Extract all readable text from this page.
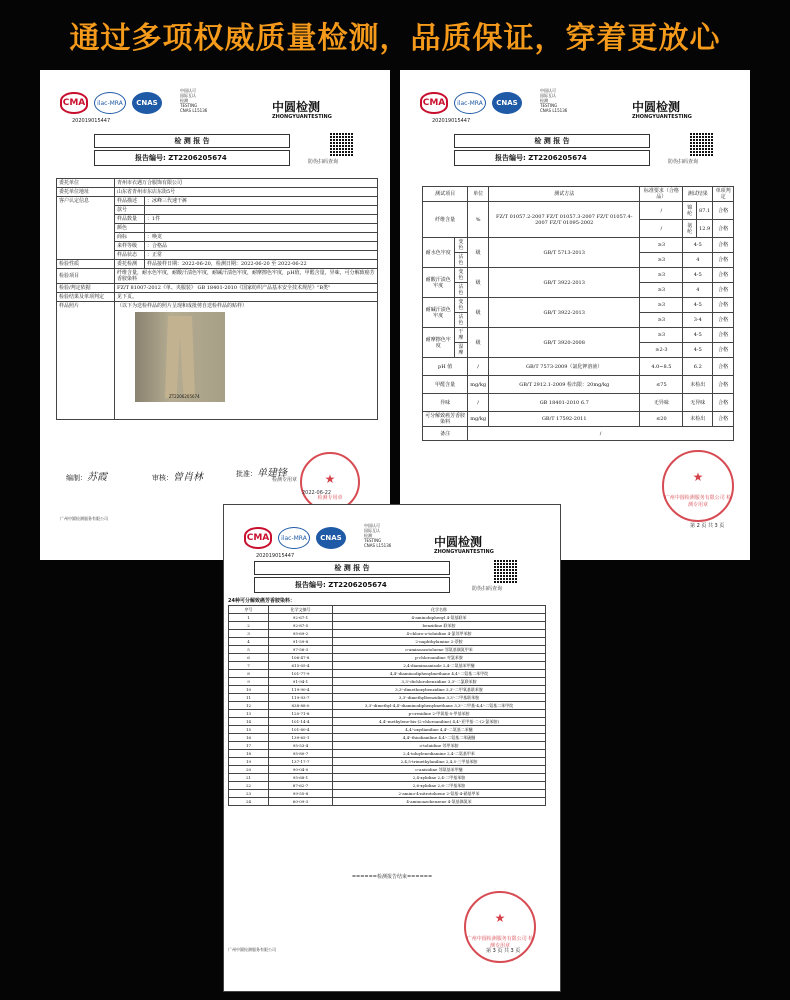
通过多项权威质量检测，品质保证，穿着更放心
CMA	ilac-MRA	CNAS
中国认可
国际互认
检测
TESTING
CNAS L15136
202019015447
中圆检测
ZHONGYUANTESTING
检 测 报 告
报告编号: ZT2206205674	防伪扫码查询
委托单位	青州市衣遇万合服饰有限公司	
委托单位地址	山东省青州市东店东街5号	
客户认定信息	样品描述	：冰峰三代速干裤
	款号	
	样品数量	：1件
	颜色	
	商标	：唤龙
	来样等级	：合格品
	样品状态	：正常
检验性质	委托检测	样品接样日期：2022-06-20，检测日期：2022-06-20 至 2022-06-22
检验项目	纤维含量，耐水色牢度，耐酸汗渍色牢度，耐碱汗渍色牢度，耐摩擦色牢度，pH值，甲醛含量，异味，可分解致癌芳香胺染料	
检验/判定依据	FZ/T 81007-2012《单、夹服装》 GB 18401-2010《国家纺织产品基本安全技术规范》"B类"	
检验结果及单项判定	见下页。	
样品照片	（以下为送检样品的照片呈现和成批剪自送检样品的贴样）
ZT2206205674	
编制：苏霞	审核：曾肖林	批准：单建锋
检测专用章
★ 检测专用章
2022-06-22
广州中圆检测服务有限公司
CMA	ilac-MRA	CNAS
中国认可
国际互认
检测
TESTING
CNAS L15136
202019015447
中圆检测
ZHONGYUANTESTING
检 测 报 告
报告编号: ZT2206205674	防伪扫码查询
测试项目		单位	测试方法	标准要求（合格品）	测试结果		单项判定
纤维含量		%	FZ/T 01057.2-2007 FZ/T 01057.3-2007 FZ/T 01057.4-2007 FZ/T 01095-2002	/	锦纶	87.1	合格
				/	氨纶	12.9	合格
耐水色牢度	变色	级	GB/T 5713-2013	≥3	4-5		合格
	沾色			≥3	4		合格
耐酸汗渍色牢度	变色	级	GB/T 3922-2013	≥3	4-5		合格
	沾色			≥3	4		合格
耐碱汗渍色牢度	变色	级	GB/T 3922-2013	≥3	4-5		合格
	沾色			≥3	3-4		合格
耐摩擦色牢度	干摩	级	GB/T 3920-2008	≥3	4-5		合格
	湿摩			≥2-3	4-5		合格
pH 值		/	GB/T 7573-2009（氯化钾溶液）	4.0~8.5	6.2		合格
甲醛含量		mg/kg	GB/T 2912.1-2009 检出限：20mg/kg	≤75	未检出		合格
异味		/	GB 18401-2010 6.7	无异味	无异味		合格
可分解致癌芳香胺染料		mg/kg	GB/T 17592-2011	≤20	未检出		合格
备注		/					
★ 广州中圆检测服务有限公司 检测专用章
第 2 页 共 3 页
CMA	ilac-MRA	CNAS
中国认可
国际互认
检测
TESTING
CNAS L15136
202019015447
中圆检测
ZHONGYUANTESTING
检 测 报 告
报告编号: ZT2206205674	防伪扫码查询
24种可分解致癌芳香胺染料：
序号	化学文摘号	化学名称
1	92-67-1	4-aminobiphenyl 4-氨基联苯
2	92-87-5	benzidine 联苯胺
3	95-69-2	4-chloro-o-toluidine 4-氯邻甲苯胺
4	91-59-8	2-naphthylamine 2-萘胺
5	97-56-3	o-aminoazotoluene 邻氨基偶氮甲苯
6	106-47-8	p-chloroaniline 对氯苯胺
7	615-05-4	2,4-diaminoanisole 2,4-二氨基苯甲醚
8	101-77-9	4,4'-diaminodiphenylmethane 4,4'-二氨基二苯甲烷
9	91-94-1	3,3'-dichlorobenzidine 3,3'-二氯联苯胺
10	119-90-4	3,3'-dimethoxybenzidine 3,3'-二甲氧基联苯胺
11	119-93-7	3,3'-dimethylbenzidine 3,3'-二甲基联苯胺
12	838-88-0	3,3'-dimethyl-4,4'-diaminodiphenylmethane 3,3'-二甲基-4,4'-二氨基二苯甲烷
13	120-71-8	p-cresidine 2-甲氧基-5-甲基苯胺
14	101-14-4	4,4'-methylene-bis-(2-chloroaniline) 4,4'-亚甲基-二-(2-氯苯胺)
15	101-80-4	4,4'-oxydianiline 4,4'-二氨基二苯醚
16	139-65-1	4,4'-thiodianiline 4,4'-二氨基二苯硫醚
17	95-53-4	o-toluidine 邻甲苯胺
18	95-80-7	2,4-toluylenediamine 2,4-二氨基甲苯
19	137-17-7	2,4,5-trimethylaniline 2,4,5-三甲基苯胺
20	90-04-0	o-anisidine 邻氨基苯甲醚
21	95-68-1	2,4-xylidine 2,4-二甲基苯胺
22	87-62-7	2,6-xylidine 2,6-二甲基苯胺
23	99-55-8	2-amino-4-nitrotoluene 2-氨基-4-硝基甲苯
24	60-09-3	4-aminoazobenzene 4-氨基偶氮苯
======检测报告结束======
★ 广州中圆检测服务有限公司 检测专用章
广州中圆检测服务有限公司	第 3 页 共 3 页
